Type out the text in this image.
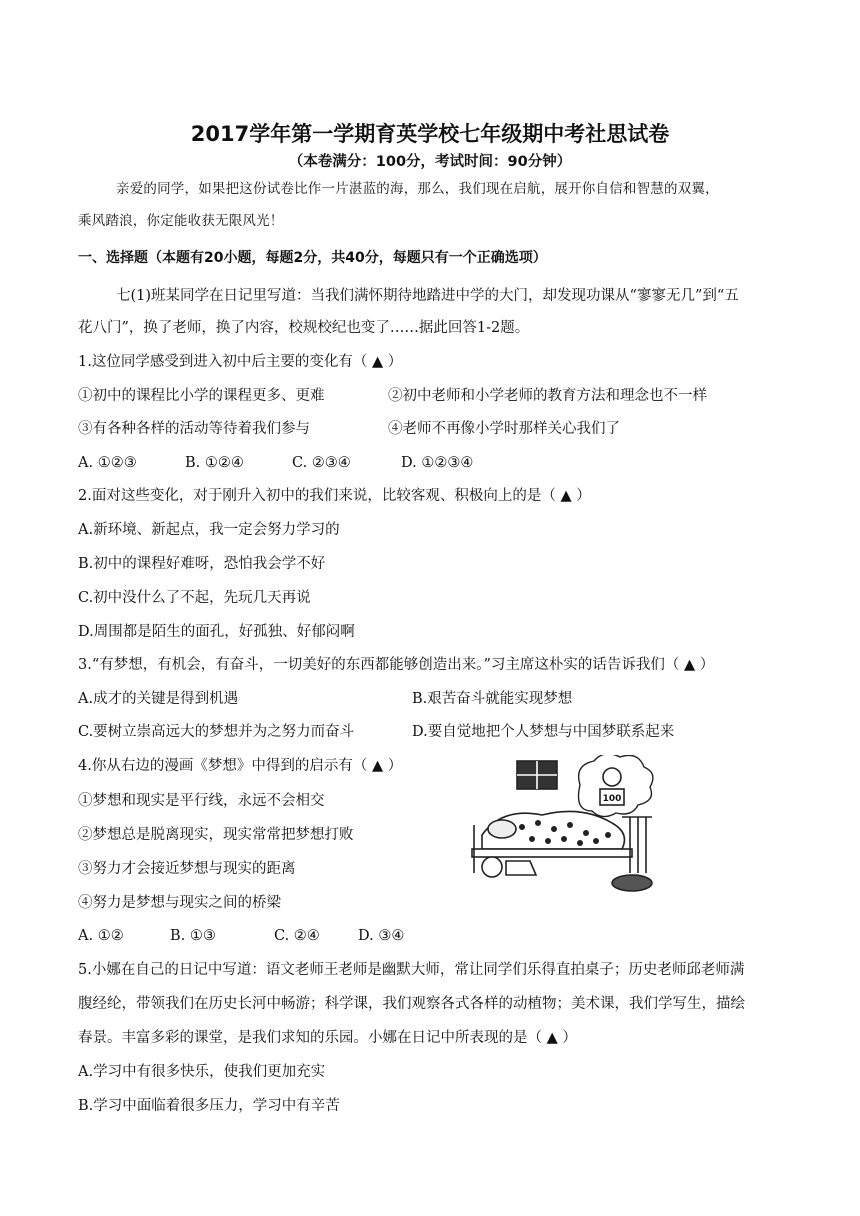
2017学年第一学期育英学校七年级期中考社思试卷
（本卷满分：100分，考试时间：90分钟）
亲爱的同学，如果把这份试卷比作一片湛蓝的海，那么，我们现在启航，展开你自信和智慧的双翼，
乘风踏浪，你定能收获无限风光！
一、选择题（本题有20小题，每题2分，共40分，每题只有一个正确选项）
七(1)班某同学在日记里写道：当我们满怀期待地踏进中学的大门，却发现功课从“寥寥无几”到“五
花八门”，换了老师，换了内容，校规校纪也变了……据此回答1-2题。
1.这位同学感受到进入初中后主要的变化有（ ▲ ）
①初中的课程比小学的课程更多、更难	②初中老师和小学老师的教育方法和理念也不一样
③有各种各样的活动等待着我们参与	④老师不再像小学时那样关心我们了
A. ①②③	B. ①②④	C. ②③④	D. ①②③④
2.面对这些变化，对于刚升入初中的我们来说，比较客观、积极向上的是（ ▲ ）
A.新环境、新起点，我一定会努力学习的
B.初中的课程好难呀，恐怕我会学不好
C.初中没什么了不起，先玩几天再说
D.周围都是陌生的面孔，好孤独、好郁闷啊
3.“有梦想，有机会，有奋斗，一切美好的东西都能够创造出来。”习主席这朴实的话告诉我们（ ▲ ）
A.成才的关键是得到机遇	B.艰苦奋斗就能实现梦想
C.要树立崇高远大的梦想并为之努力而奋斗	D.要自觉地把个人梦想与中国梦联系起来
4.你从右边的漫画《梦想》中得到的启示有（ ▲ ）
①梦想和现实是平行线，永远不会相交
②梦想总是脱离现实，现实常常把梦想打败
③努力才会接近梦想与现实的距离
④努力是梦想与现实之间的桥梁
A. ①②	B. ①③	C. ②④	D. ③④
100
5.小娜在自己的日记中写道：语文老师王老师是幽默大师，常让同学们乐得直拍桌子；历史老师邱老师满
腹经纶，带领我们在历史长河中畅游；科学课，我们观察各式各样的动植物；美术课，我们学写生，描绘
春景。丰富多彩的课堂，是我们求知的乐园。小娜在日记中所表现的是（ ▲ ）
A.学习中有很多快乐，使我们更加充实
B.学习中面临着很多压力，学习中有辛苦
